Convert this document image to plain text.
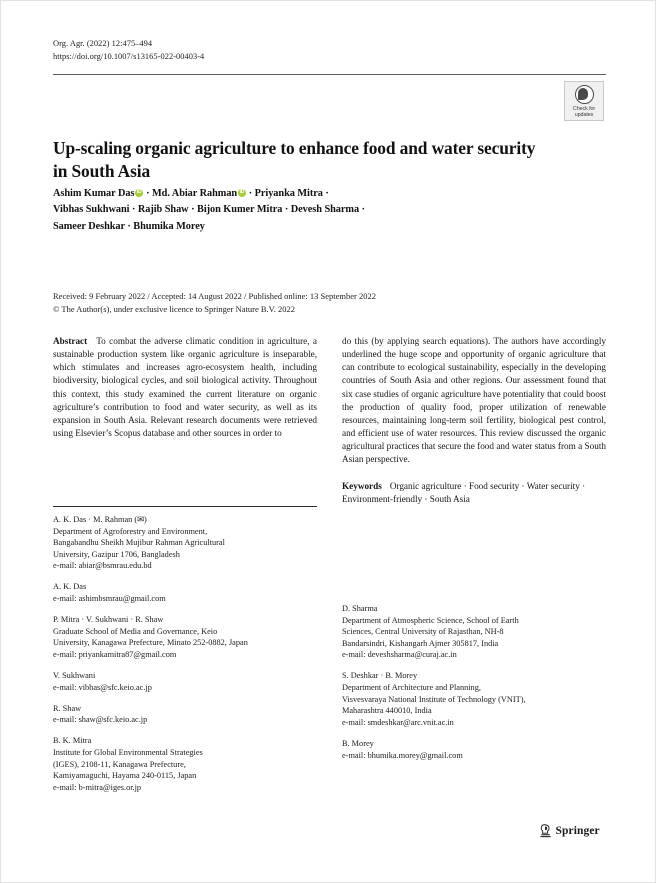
Org. Agr. (2022) 12:475–494
https://doi.org/10.1007/s13165-022-00403-4
Check for
updates
Up-scaling organic agriculture to enhance food and water security in South Asia
Ashim Kumar DasiD · Md. Abiar RahmaniD · Priyanka Mitra ·
Vibhas Sukhwani · Rajib Shaw · Bijon Kumer Mitra · Devesh Sharma ·
Sameer Deshkar · Bhumika Morey
Received: 9 February 2022 / Accepted: 14 August 2022 / Published online: 13 September 2022
© The Author(s), under exclusive licence to Springer Nature B.V. 2022
Abstract To combat the adverse climatic condition in agriculture, a sustainable production system like organic agriculture is inseparable, which stimulates and increases agro-ecosystem health, including biodiversity, biological cycles, and soil biological activity. Throughout this context, this study examined the current literature on organic agriculture’s contribution to food and water security, as well as its expansion in South Asia. Relevant research documents were retrieved using Elsevier’s Scopus database and other sources in order to
do this (by applying search equations). The authors have accordingly underlined the huge scope and opportunity of organic agriculture that can contribute to ecological sustainability, especially in the developing countries of South Asia and other regions. Our assessment found that six case studies of organic agriculture have potentiality that could boost the production of quality food, proper utilization of renewable resources, maintaining long-term soil fertility, biological pest control, and efficient use of water resources. This review discussed the organic agricultural practices that secure the food and water status from a South Asian perspective.
Keywords Organic agriculture · Food security · Water security · Environment-friendly · South Asia
A. K. Das · M. Rahman (✉)
Department of Agroforestry and Environment,
Bangabandhu Sheikh Mujibur Rahman Agricultural
University, Gazipur 1706, Bangladesh
e-mail: abiar@bsmrau.edu.bd
A. K. Das
e-mail: ashimbsmrau@gmail.com
P. Mitra · V. Sukhwani · R. Shaw
Graduate School of Media and Governance, Keio
University, Kanagawa Prefecture, Minato 252-0882, Japan
e-mail: priyankamitra87@gmail.com
V. Sukhwani
e-mail: vibhas@sfc.keio.ac.jp
R. Shaw
e-mail: shaw@sfc.keio.ac.jp
B. K. Mitra
Institute for Global Environmental Strategies
(IGES), 2108-11, Kanagawa Prefecture,
Kamiyamaguchi, Hayama 240-0115, Japan
e-mail: b-mitra@iges.or.jp
D. Sharma
Department of Atmospheric Science, School of Earth
Sciences, Central University of Rajasthan, NH-8
Bandarsindri, Kishangarh Ajmer 305817, India
e-mail: deveshsharma@curaj.ac.in
S. Deshkar · B. Morey
Department of Architecture and Planning,
Visvesvaraya National Institute of Technology (VNIT),
Maharashtra 440010, India
e-mail: smdeshkar@arc.vnit.ac.in
B. Morey
e-mail: bhumika.morey@gmail.com
Springer
